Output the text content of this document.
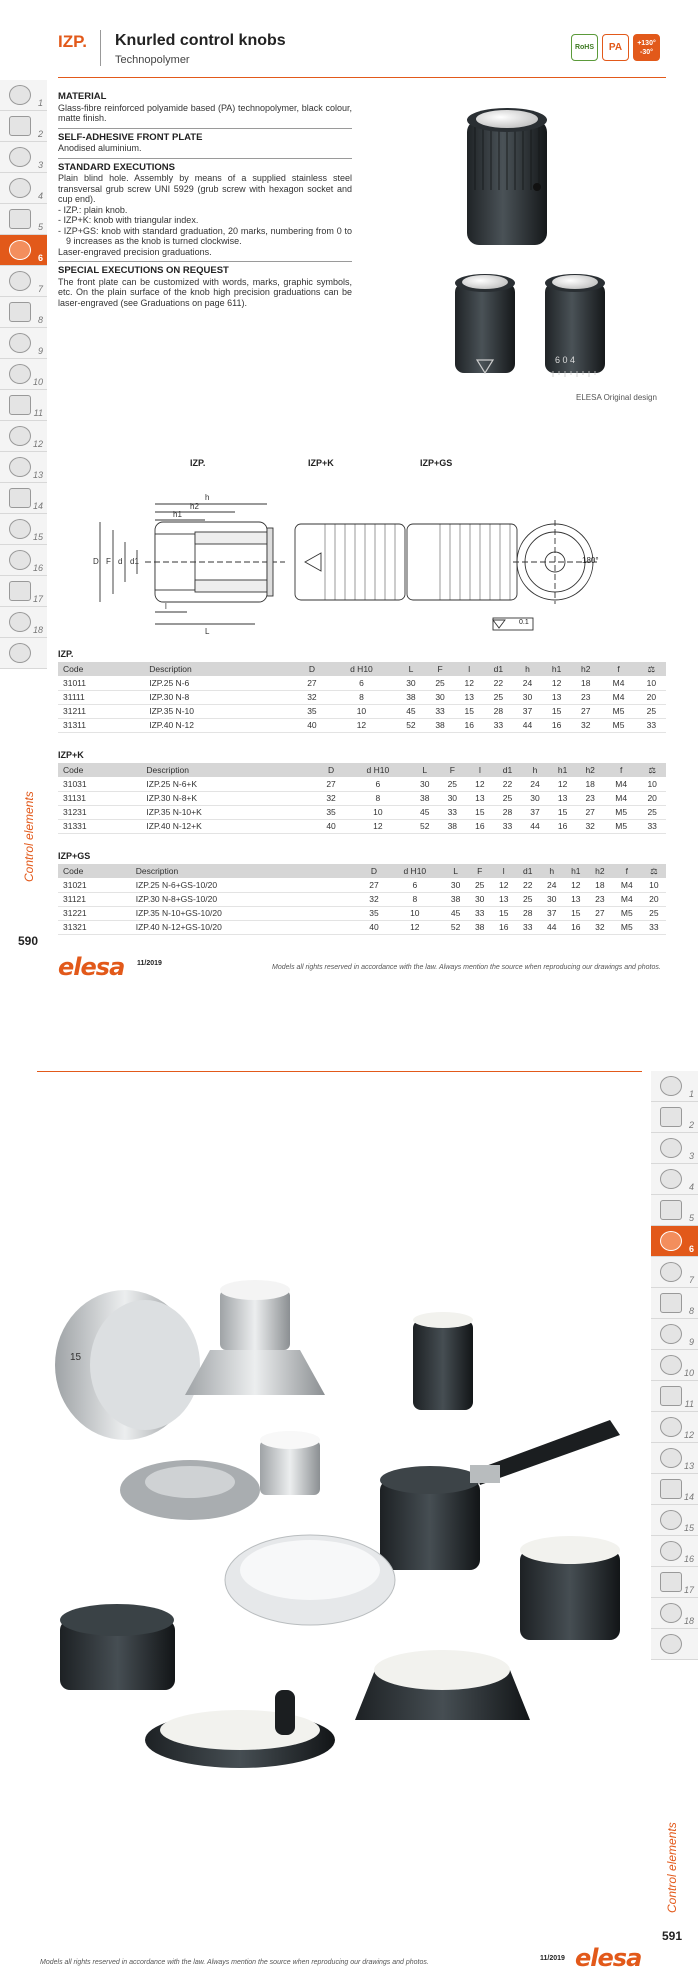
IZP. Knurled control knobs
Technopolymer
RoHS PA +130°
-30°
1
2
3
4
5
6
7
8
9
10
11
12
13
14
15
16
17
18
Control elements
590
MATERIAL

Glass-fibre reinforced polyamide based (PA) technopolymer, black colour, matte finish.

SELF-ADHESIVE FRONT PLATE

Anodised aluminium.

STANDARD EXECUTIONS

Plain blind hole. Assembly by means of a supplied stainless steel transversal grub screw UNI 5929 (grub screw with hexagon socket and cup end).

- IZP.: plain knob.

- IZP+K: knob with triangular index.

- IZP+GS: knob with standard graduation, 20 marks, numbering from 0 to 9 increases as the knob is turned clockwise.

Laser-engraved precision graduations.

SPECIAL EXECUTIONS ON REQUEST

The front plate can be customized with words, marks, graphic symbols, etc. On the plain surface of the knob high precision graduations can be laser-engraved (see Graduations on page 611).

6 0 4
ELESA Original design
IZP.	IZP+K	IZP+GS
h
h2
h1
L
l
D F d d1	180°
0.1
IZP.
Code	Description	D	d H10	L	F	l	d1	h	h1	h2	f	⚖
31011	IZP.25 N-6	27	6	30	25	12	22	24	12	18	M4	10
31111	IZP.30 N-8	32	8	38	30	13	25	30	13	23	M4	20
31211	IZP.35 N-10	35	10	45	33	15	28	37	15	27	M5	25
31311	IZP.40 N-12	40	12	52	38	16	33	44	16	32	M5	33
IZP+K
Code	Description	D	d H10	L	F	l	d1	h	h1	h2	f	⚖
31031	IZP.25 N-6+K	27	6	30	25	12	22	24	12	18	M4	10
31131	IZP.30 N-8+K	32	8	38	30	13	25	30	13	23	M4	20
31231	IZP.35 N-10+K	35	10	45	33	15	28	37	15	27	M5	25
31331	IZP.40 N-12+K	40	12	52	38	16	33	44	16	32	M5	33
IZP+GS
Code	Description	D	d H10	L	F	l	d1	h	h1	h2	f	⚖
31021	IZP.25 N-6+GS-10/20	27	6	30	25	12	22	24	12	18	M4	10
31121	IZP.30 N-8+GS-10/20	32	8	38	30	13	25	30	13	23	M4	20
31221	IZP.35 N-10+GS-10/20	35	10	45	33	15	28	37	15	27	M5	25
31321	IZP.40 N-12+GS-10/20	40	12	52	38	16	33	44	16	32	M5	33
elesa 11/2019
Models all rights reserved in accordance with the law. Always mention the source when reproducing our drawings and photos.
1
2
3
4
5
6
7
8
9
10
11
12
13
14
15
16
17
18
15
Control elements
591
Models all rights reserved in accordance with the law. Always mention the source when reproducing our drawings and photos.
11/2019 elesa
